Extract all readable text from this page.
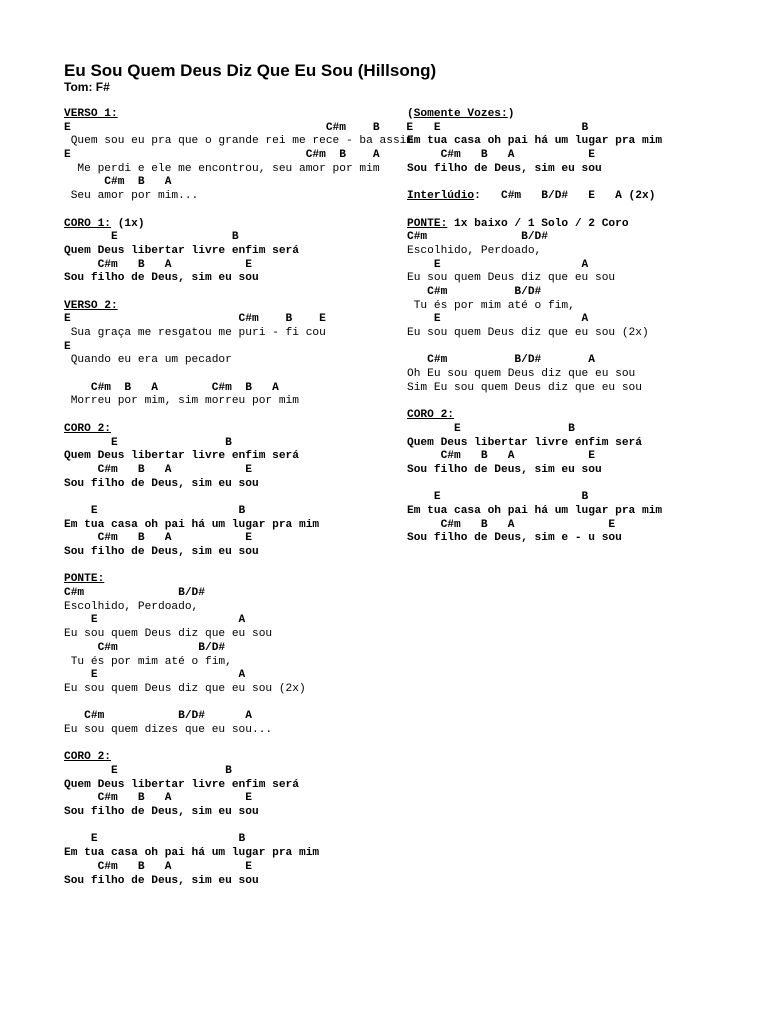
Eu Sou Quem Deus Diz Que Eu Sou (Hillsong)
Tom: F#
VERSO 1:
E                                      C#m    B    E
Quem sou eu pra que o grande rei me rece - ba assim
E                                   C#m  B    A
Me perdi e ele me encontrou, seu amor por mim
C#m  B   A
Seu amor por mim...
CORO 1: (1x)
E                 B
Quem Deus libertar livre enfim será
C#m   B   A           E
Sou filho de Deus, sim eu sou
VERSO 2:
E                         C#m    B    E
Sua graça me resgatou me puri - fi cou
E
Quando eu era um pecador
C#m  B   A        C#m  B   A
Morreu por mim, sim morreu por mim
CORO 2:
E                B
Quem Deus libertar livre enfim será
C#m   B   A           E
Sou filho de Deus, sim eu sou
E                     B
Em tua casa oh pai há um lugar pra mim
C#m   B   A           E
Sou filho de Deus, sim eu sou
PONTE:
C#m              B/D#
Escolhido, Perdoado,
E                     A
Eu sou quem Deus diz que eu sou
C#m            B/D#
Tu és por mim até o fim,
E                     A
Eu sou quem Deus diz que eu sou (2x)
C#m           B/D#      A
Eu sou quem dizes que eu sou...
CORO 2:
E                B
Quem Deus libertar livre enfim será
C#m   B   A           E
Sou filho de Deus, sim eu sou
E                     B
Em tua casa oh pai há um lugar pra mim
C#m   B   A           E
Sou filho de Deus, sim eu sou
(Somente Vozes:)
E                     B
Em tua casa oh pai há um lugar pra mim
C#m   B   A           E
Sou filho de Deus, sim eu sou
Interlúdio:   C#m   B/D#   E   A (2x)
PONTE: 1x baixo / 1 Solo / 2 Coro
C#m              B/D#
Escolhido, Perdoado,
E                     A
Eu sou quem Deus diz que eu sou
C#m          B/D#
Tu és por mim até o fim,
E                     A
Eu sou quem Deus diz que eu sou (2x)
C#m          B/D#       A
Oh Eu sou quem Deus diz que eu sou
Sim Eu sou quem Deus diz que eu sou
CORO 2:
E                B
Quem Deus libertar livre enfim será
C#m   B   A           E
Sou filho de Deus, sim eu sou
E                     B
Em tua casa oh pai há um lugar pra mim
C#m   B   A              E
Sou filho de Deus, sim e - u sou
